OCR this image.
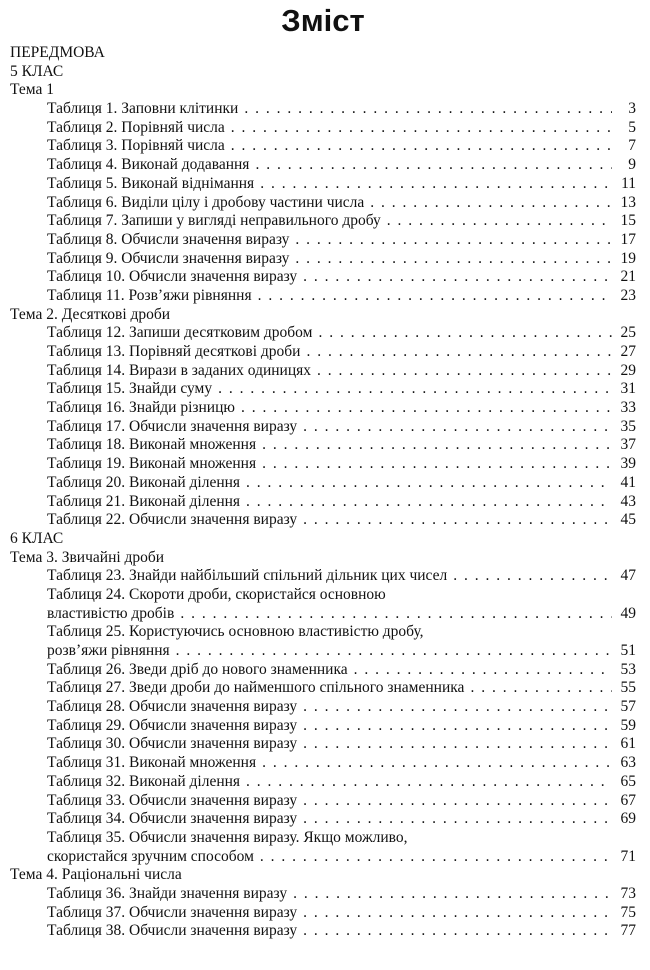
Зміст
ПЕРЕДМОВА
5 КЛАС
Тема 1
Таблиця 1. Заповни клітинки . . .	3
Таблиця 2. Порівняй числа . . .	5
Таблиця 3. Порівняй числа . . .	7
Таблиця 4. Виконай додавання . . .	9
Таблиця 5. Виконай віднімання . . .	11
Таблиця 6. Виділи цілу і дробову частини числа . . .	13
Таблиця 7. Запиши у вигляді неправильного дробу . . .	15
Таблиця 8. Обчисли значення виразу . . .	17
Таблиця 9. Обчисли значення виразу . . .	19
Таблиця 10. Обчисли значення виразу . . .	21
Таблиця 11. Розв’яжи рівняння . . .	23
Тема 2. Десяткові дроби
Таблиця 12. Запиши десятковим дробом . . .	25
Таблиця 13. Порівняй десяткові дроби . . .	27
Таблиця 14. Вирази в заданих одиницях . . .	29
Таблиця 15. Знайди суму . . .	31
Таблиця 16. Знайди різницю . . .	33
Таблиця 17. Обчисли значення виразу . . .	35
Таблиця 18. Виконай множення . . .	37
Таблиця 19. Виконай множення . . .	39
Таблиця 20. Виконай ділення . . .	41
Таблиця 21. Виконай ділення . . .	43
Таблиця 22. Обчисли значення виразу . . .	45
6 КЛАС
Тема 3. Звичайні дроби
Таблиця 23. Знайди найбільший спільний дільник цих чисел . . .	47
Таблиця 24. Скороти дроби, скористайся основною
властивістю дробів . . .	49
Таблиця 25. Користуючись основною властивістю дробу,
розв’яжи рівняння . . .	51
Таблиця 26. Зведи дріб до нового знаменника . . .	53
Таблиця 27. Зведи дроби до найменшого спільного знаменника . . .	55
Таблиця 28. Обчисли значення виразу . . .	57
Таблиця 29. Обчисли значення виразу . . .	59
Таблиця 30. Обчисли значення виразу . . .	61
Таблиця 31. Виконай множення . . .	63
Таблиця 32. Виконай ділення . . .	65
Таблиця 33. Обчисли значення виразу . . .	67
Таблиця 34. Обчисли значення виразу . . .	69
Таблиця 35. Обчисли значення виразу. Якщо можливо,
скористайся зручним способом . . .	71
Тема 4. Раціональні числа
Таблиця 36. Знайди значення виразу . . .	73
Таблиця 37. Обчисли значення виразу . . .	75
Таблиця 38. Обчисли значення виразу . . .	77
